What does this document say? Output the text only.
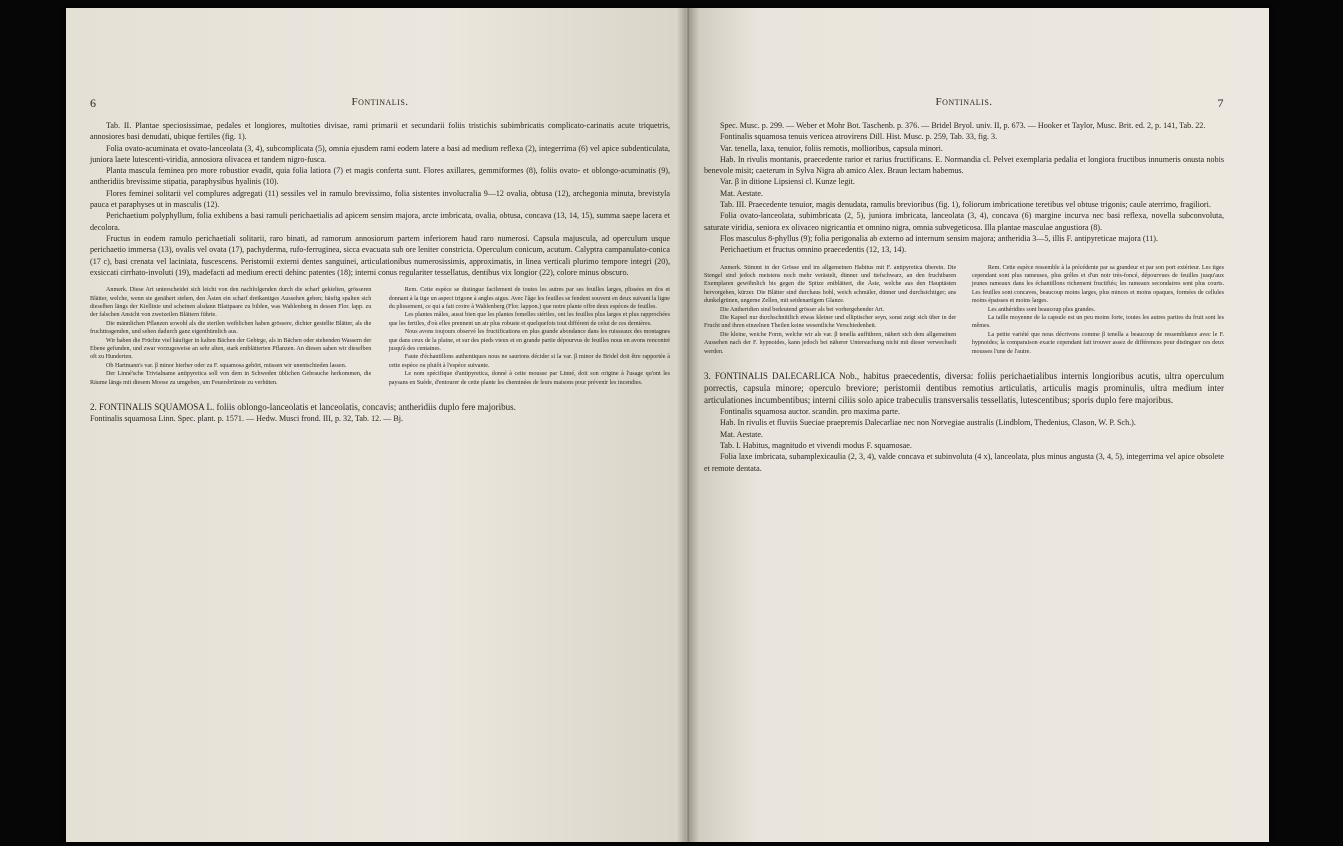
6	Fontinalis.

Tab. II. Plantae speciosissimae, pedales et longiores, multoties divisae, rami primarii et secundarii foliis tristichis subimbricatis complicato-carinatis acute triquetris, annosiores basi denudati, ubique fertiles (fig. 1).

Folia ovato-acuminata et ovato-lanceolata (3, 4), subcomplicata (5), omnia ejusdem rami eodem latere a basi ad medium reflexa (2), integerrima (6) vel apice subdenticulata, juniora laete lutescenti-viridia, annosiora olivacea et tandem nigro-fusca.

Planta mascula feminea pro more robustior evadit, quia folia latiora (7) et magis conferta sunt. Flores axillares, gemmiformes (8), foliis ovato- et oblongo-acuminatis (9), antheridiis brevissime stipatia, paraphysibus hyalinis (10).

Flores feminei solitarii vel complures adgregati (11) sessiles vel in ramulo brevissimo, folia sistentes involucralia 9—12 ovalia, obtusa (12), archegonia minuta, brevistyla pauca et paraphyses ut in masculis (12).

Perichaetium polyphyllum, folia exhibens a basi ramuli perichaetialis ad apicem sensim majora, arcte imbricata, ovalia, obtusa, concava (13, 14, 15), summa saepe lacera et decolora.

Fructus in eodem ramulo perichaetiali solitarii, raro binati, ad ramorum annosiorum partem inferiorem haud raro numerosi. Capsula majuscula, ad operculum usque perichaetio immersa (13), ovalis vel ovata (17), pachyderma, rufo-ferruginea, sicca evacuata sub ore leniter constricta. Operculum conicum, acutum. Calyptra campanulato-conica (17 c), basi crenata vel laciniata, fuscescens. Peristomii externi dentes sanguinei, articulationibus numerosissimis, approximatis, in linea verticali plurimo tempore integri (20), exsiccati cirrhato-involuti (19), madefacti ad medium erecti dehinc patentes (18); interni conus regulariter tessellatus, dentibus vix longior (22), colore minus obscuro.

Anmerk. Diese Art unterscheidet sich leicht von den nachfolgenden durch die scharf gekielten, grösseren Blätter, welche, wenn sie genähert stehen, den Ästen ein scharf dreikantiges Aussehen geben; häufig spalten sich dieselben längs der Kiellinie und scheinen alsdann Blattpaare zu bilden, was Wahlenberg in dessen Flor. lapp. zu der falschen Ansicht von zweizeilen Blättern führte.

Die männlichen Pflanzen sowohl als die sterilen weiblichen haben grössere, dichter gestellte Blätter, als die fruchttragenden, und sehen dadurch ganz eigenthümlich aus.

Wir haben die Früchte viel häufiger in kalten Bächen der Gebirge, als in Bächen oder stehenden Wassern der Ebene gefunden, und zwar vorzugsweise an sehr alten, stark entblätterten Pflanzen. An diesen sahen wir dieselben oft zu Hunderten.

Ob Hartmann's var. β minor hierher oder zu F. squamosa gehört, müssen wir unentschieden lassen.

Der Linné'sche Trivialname antipyretica soll von dem in Schweden üblichen Gebrauche herkommen, die Räume längs mit diesem Moose zu umgeben, um Feuersbrünste zu verhüten.

Rem. Cette espèce se distingue facilement de toutes les autres par ses feuilles larges, plissées en dos et donnant à la tige un aspect trigone à angles aigus. Avec l'âge les feuilles se fendent souvent en deux suivant la ligne du plissement, ce qui a fait croire à Wahlenberg (Flor. lappon.) que notre plante offre deux espèces de feuilles.

Les plantes mâles, aussi bien que les plantes femelles stériles, ont les feuilles plus larges et plus rapprochées que les fertiles, d'où elles prennent un air plus robuste et quelquefois tout différent de celui de ces dernières.

Nous avons toujours observé les fructifications en plus grande abondance dans les ruisseaux des montagnes que dans ceux de la plaine, et sur des pieds vieux et en grande partie dépourvus de feuilles nous en avons rencontré jusqu'à des centaines.

Faute d'échantillons authentiques nous ne saurions décider si la var. β minor de Bridel doit être rapportée à cette espèce ou plutôt à l'espèce suivante.

Le nom spécifique d'antipyretica, donné à cette mousse par Linné, doit son origine à l'usage qu'ont les paysans en Suède, d'entourer de cette plante les cheminées de leurs maisons pour prévenir les incendies.

2. FONTINALIS SQUAMOSA L. foliis oblongo-lanceolatis et lanceolatis, concavis; antheridiis duplo fere majoribus.

Fontinalis squamosa Linn. Spec. plant. p. 1571. — Hedw. Musci frond. III, p. 32, Tab. 12. — Bj.

Fontinalis.	7

Spec. Musc. p. 299. — Weber et Mohr Bot. Taschenb. p. 376. — Bridel Bryol. univ. II, p. 673. — Hooker et Taylor, Musc. Brit. ed. 2, p. 141, Tab. 22.

Fontinalis squamosa tenuis vericea atrovirens Dill. Hist. Musc. p. 259, Tab. 33, fig. 3.

Var. tenella, laxa, tenuior, foliis remotis, mollioribus, capsula minori.

Hab. In rivulis montanis, praecedente rarior et rarius fructificans. E. Normandia cl. Pelvet exemplaria pedalia et longiora fructibus innumeris onusta nobis benevole misit; caeterum in Sylva Nigra ab amico Alex. Braun lectam habemus.

Var. β in ditione Lipsiensi cl. Kunze legit.

Mat. Aestate.

Tab. III. Praecedente tenuior, magis denudata, ramulis brevioribus (fig. 1), foliorum imbricatione teretibus vel obtuse trigonis; caule aterrimo, fragiliori.

Folia ovato-lanceolata, subimbricata (2, 5), juniora imbricata, lanceolata (3, 4), concava (6) margine incurva nec basi reflexa, novella subconvoluta, saturate viridia, seniora ex olivaceo nigricantia et omnino nigra, omnia subvegeticosa. Illa plantae masculae angustiora (8).

Flos masculus 8-phyllus (9); folia perigonalia ab externo ad internum sensim majora; antheridia 3—5, illis F. antipyreticae majora (11).

Perichaetium et fructus omnino praecedentis (12, 13, 14).

Anmerk. Stimmt in der Grösse und im allgemeinen Habitus mit F. antipyretica überein. Die Stengel sind jedoch meistens noch mehr verästelt, dünner und tiefschwarz, an den fruchtbaren Exemplaren gewöhnlich bis gegen die Spitze entblättert, die Äste, welche aus den Hauptästen hervorgehen, kürzer. Die Blätter sind durchaus hohl, weich schmäler, dünner und durchsichtiger; ans dunkelgrünen, ungerne Zellen, mit seidenartigem Glanze.

Die Antheridien sind bedeutend grösser als bei vorhergehender Art.

Die Kapsel nur durchschnittlich etwas kleiner und elliptischer seyn, sonst zeigt sich über in der Frucht und ihren einzelnen Theilen keine wesentliche Verschiedenheit.

Die kleine, weiche Form, welche wir als var. β tenella aufführen, nähert sich dem allgemeinen Aussehen nach der F. hypnoides, kann jedoch bei näherer Untersuchung nicht mit dieser verwechselt werden.

Rem. Cette espèce ressemble à la précédente par sa grandeur et par son port extérieur. Les tiges cependant sont plus rameuses, plus grêles et d'un noir très-foncé, dépourvues de feuilles jusqu'aux jeunes rameaux dans les échantillons richement fructifiés; les rameaux secondaires sont plus courts. Les feuilles sont concaves, beaucoup moins larges, plus minces et moins opaques, formées de cellules moins épaisses et moins larges.

Les anthéridies sont beaucoup plus grandes.

La taille moyenne de la capsule est un peu moins forte, toutes les autres parties du fruit sont les mêmes.

La petite variété que nous décrivons comme β tenella a beaucoup de ressemblance avec le F. hypnoides; la comparaison exacte cependant fait trouver assez de différences pour distinguer ces deux mousses l'une de l'autre.

3. FONTINALIS DALECARLICA Nob., habitus praecedentis, diversa: foliis perichaetialibus internis longioribus acutis, ultra operculum porrectis, capsula minore; operculo breviore; peristomii dentibus remotius articulatis, articulis magis prominulis, ultra medium inter articulationes incumbentibus; interni ciliis solo apice trabeculis transversalis tessellatis, lutescentibus; sporis duplo fere majoribus.

Fontinalis squamosa auctor. scandin. pro maxima parte.

Hab. In rivulis et fluviis Sueciae praepremis Dalecarliae nec non Norvegiae australis (Lindblom, Thedenius, Clason, W. P. Sch.).

Mat. Aestate.

Tab. I. Habitus, magnitudo et vivendi modus F. squamosae.

Folia laxe imbricata, subamplexicaulia (2, 3, 4), valde concava et subinvoluta (4 x), lanceolata, plus minus angusta (3, 4, 5), integerrima vel apice obsolete et remote dentata.
